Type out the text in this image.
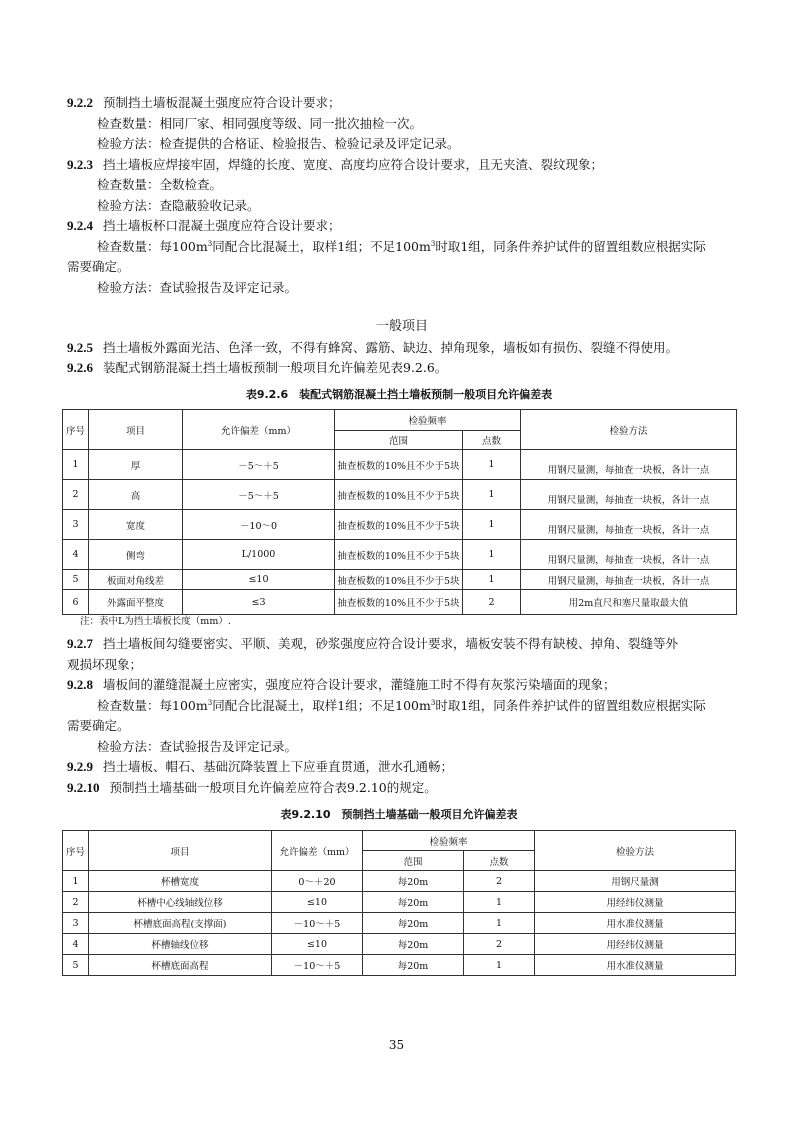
9.2.2 预制挡土墙板混凝土强度应符合设计要求；
检查数量：相同厂家、相同强度等级、同一批次抽检一次。
检验方法：检查提供的合格证、检验报告、检验记录及评定记录。
9.2.3 挡土墙板应焊接牢固，焊缝的长度、宽度、高度均应符合设计要求，且无夹渣、裂纹现象；
检查数量：全数检查。
检验方法：查隐蔽验收记录。
9.2.4 挡土墙板杯口混凝土强度应符合设计要求；
检查数量：每$100m^3$同配合比混凝土，取样1组；不足$100m^3$时取1组，同条件养护试件的留置组数应根据实际
需要确定。
检验方法：查试验报告及评定记录。
一般项目
9.2.5 挡土墙板外露面光洁、色泽一致，不得有蜂窝、露筋、缺边、掉角现象，墙板如有损伤、裂缝不得使用。
9.2.6 装配式钢筋混凝土挡土墙板预制一般项目允许偏差见表9.2.6。
表9.2.6　装配式钢筋混凝土挡土墙板预制一般项目允许偏差表
序号	项目	允许偏差（mm）	检验频率		检验方法
			范围	点数	
1	厚	－5～＋5	抽查板数的10%且不少于5块	1	用钢尺量测，每抽查一块板，各计一点
2	高	－5～＋5	抽查板数的10%且不少于5块	1	用钢尺量测，每抽查一块板，各计一点
3	宽度	－10～0	抽查板数的10%且不少于5块	1	用钢尺量测，每抽查一块板，各计一点
4	侧弯	L/1000	抽查板数的10%且不少于5块	1	用钢尺量测，每抽查一块板，各计一点
5	板面对角线差	≤10	抽查板数的10%且不少于5块	1	用钢尺量测，每抽查一块板，各计一点
6	外露面平整度	≤3	抽查板数的10%且不少于5块	2	用2m直尺和塞尺量取最大值
注：表中L为挡土墙板长度（mm）.
9.2.7 挡土墙板间勾缝要密实、平顺、美观，砂浆强度应符合设计要求，墙板安装不得有缺棱、掉角、裂缝等外
观损坏现象；
9.2.8 墙板间的灌缝混凝土应密实，强度应符合设计要求，灌缝施工时不得有灰浆污染墙面的现象；
检查数量：每$100m^3$同配合比混凝土，取样1组；不足$100m^3$时取1组，同条件养护试件的留置组数应根据实际
需要确定。
检验方法：查试验报告及评定记录。
9.2.9 挡土墙板、帽石、基础沉降装置上下应垂直贯通，泄水孔通畅；
9.2.10 预制挡土墙基础一般项目允许偏差应符合表9.2.10的规定。
表9.2.10　预制挡土墙基础一般项目允许偏差表
序号	项目	允许偏差（mm）	检验频率		检验方法
			范围	点数	
1	杯槽宽度	0～＋20	每20m	2	用钢尺量测
2	杯槽中心线轴线位移	≤10	每20m	1	用经纬仪测量
3	杯槽底面高程(支撑面)	－10～＋5	每20m	1	用水准仪测量
4	杯槽轴线位移	≤10	每20m	2	用经纬仪测量
5	杯槽底面高程	－10～＋5	每20m	1	用水准仪测量
35
